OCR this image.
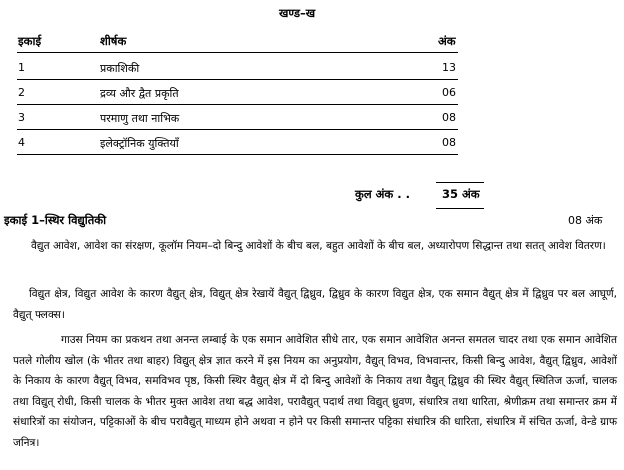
खण्ड–ख
इकाई	शीर्षक	अंक
1	प्रकाशिकी	13
2	द्रव्य और द्वैत प्रकृति	06
3	परमाणु तथा नाभिक	08
4	इलेक्ट्रॉनिक युक्तियाँ	08
कुल अंक . .	35 अंक
इकाई 1–स्थिर विद्युतिकी	08 अंक

वैद्युत आवेश, आवेश का संरक्षण, कूलॉम नियम–दो बिन्दु आवेशों के बीच बल, बहुत आवेशों के बीच बल, अध्यारोपण सिद्धान्त तथा सतत् आवेश वितरण।

विद्युत क्षेत्र, विद्युत आवेश के कारण वैद्युत् क्षेत्र, विद्युत् क्षेत्र रेखायें वैद्युत् द्विध्रुव, द्विध्रुव के कारण विद्युत क्षेत्र, एक समान वैद्युत् क्षेत्र में द्विध्रुव पर बल आघूर्ण, वैद्युत् फ्लक्स।

गाउस नियम का प्रकथन तथा अनन्त लम्बाई के एक समान आवेशित सीधे तार, एक समान आवेशित अनन्त समतल चादर तथा एक समान आवेशित पतले गोलीय खोल (के भीतर तथा बाहर) विद्युत् क्षेत्र ज्ञात करने में इस नियम का अनुप्रयोग, वैद्युत् विभव, विभवान्तर, किसी बिन्दु आवेश, वैद्युत् द्विध्रुव, आवेशों के निकाय के कारण वैद्युत् विभव, समविभव पृष्ठ, किसी स्थिर वैद्युत् क्षेत्र में दो बिन्दु आवेशों के निकाय तथा वैद्युत् द्विध्रुव की स्थिर वैद्युत् स्थितिज ऊर्जा, चालक तथा विद्युत् रोधी, किसी चालक के भीतर मुक्त आवेश तथा बद्ध आवेश, परावैद्युत् पदार्थ तथा विद्युत् ध्रुवण, संधारित्र तथा धारिता, श्रेणीक्रम तथा समान्तर क्रम में संधारित्रों का संयोजन, पट्टिकाओं के बीच परावैद्युत् माध्यम होने अथवा न होने पर किसी समान्तर पट्टिका संधारित्र की धारिता, संधारित्र में संचित ऊर्जा, वेन्डे ग्राफ जनित्र।
